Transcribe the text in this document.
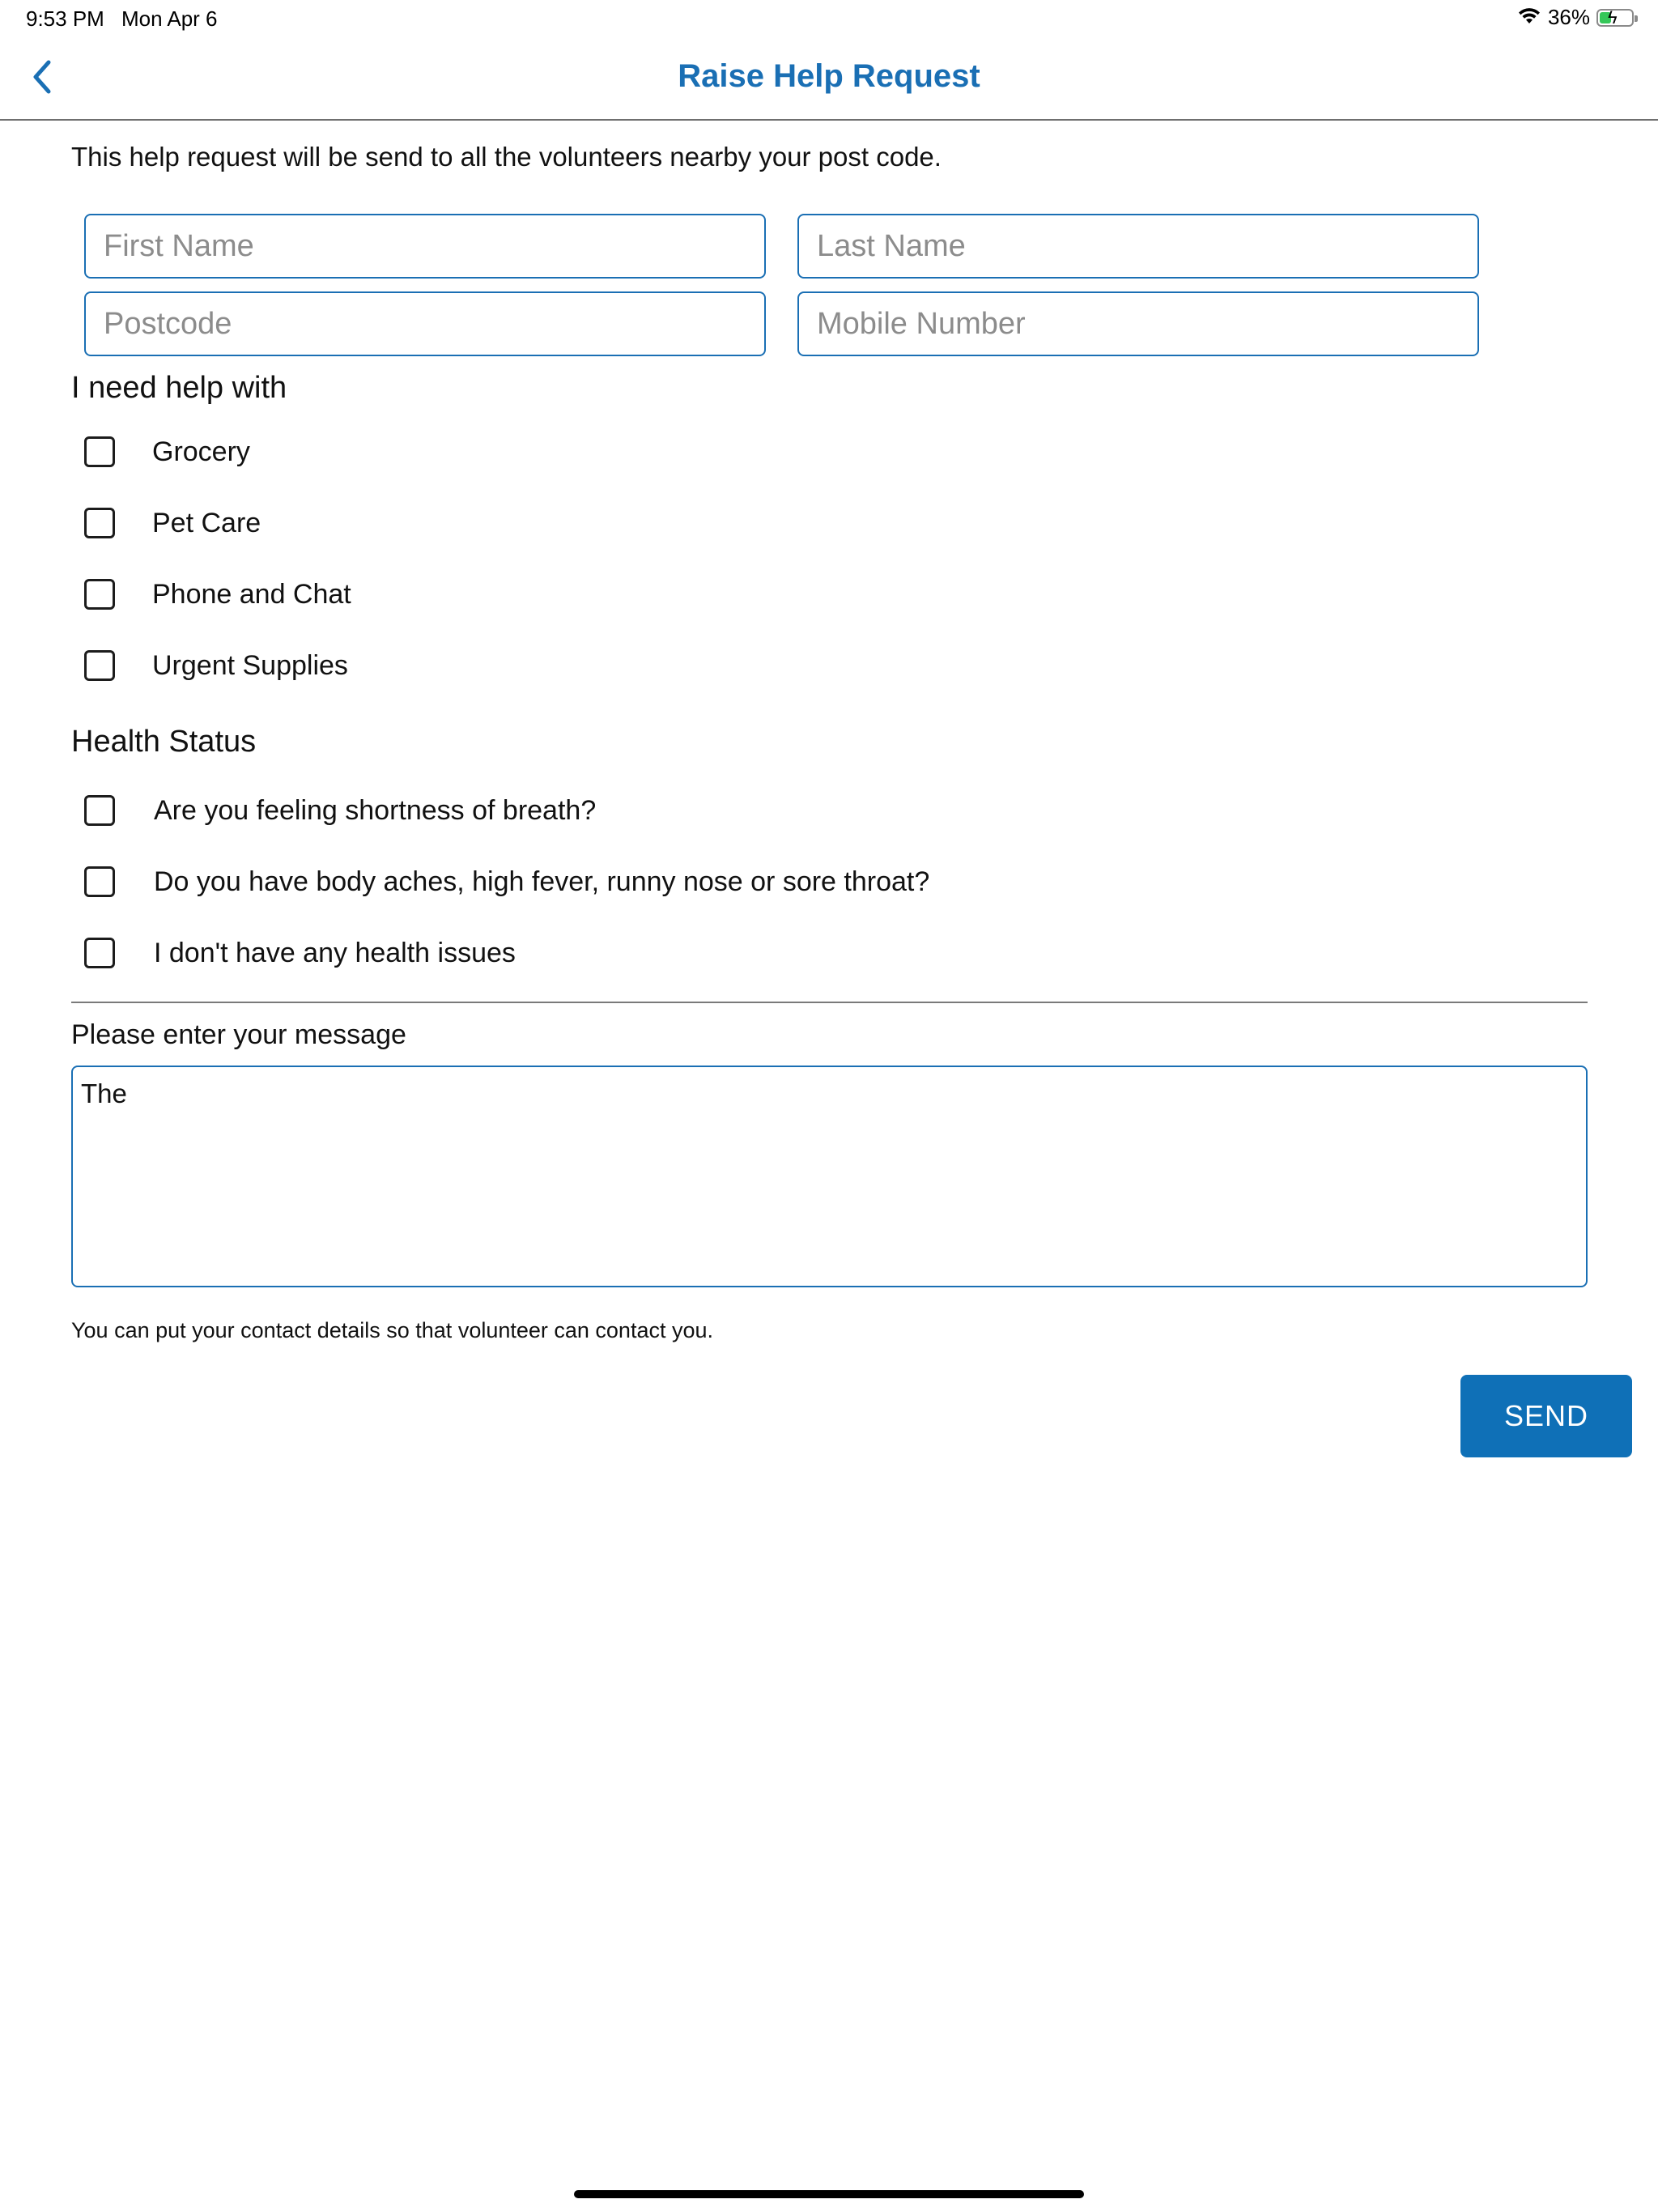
9:53 PM Mon Apr 6	36% ϟ
Raise Help Request
This help request will be send to all the volunteers nearby your post code.
First Name
Last Name
Postcode
Mobile Number
I need help with
Grocery
Pet Care
Phone and Chat
Urgent Supplies
Health Status
Are you feeling shortness of breath?
Do you have body aches, high fever, runny nose or sore throat?
I don't have any health issues
Please enter your message
The
You can put your contact details so that volunteer can contact you.
SEND
